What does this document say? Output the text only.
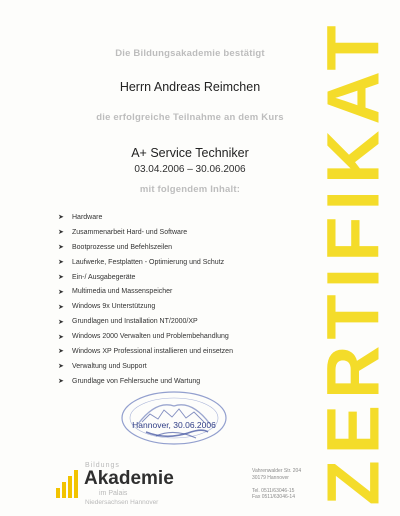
Die Bildungsakademie bestätigt
Herrn Andreas Reimchen
die erfolgreiche Teilnahme an dem Kurs
A+ Service Techniker
03.04.2006 – 30.06.2006
mit folgendem Inhalt:
➤	Hardware
➤	Zusammenarbeit Hard- und Software
➤	Bootprozesse und Befehlszeilen
➤	Laufwerke, Festplatten - Optimierung und Schutz
➤	Ein-/ Ausgabegeräte
➤	Multimedia und Massenspeicher
➤	Windows 9x Unterstützung
➤	Grundlagen und Installation NT/2000/XP
➤	Windows 2000 Verwalten und Problembehandlung
➤	Windows XP Professional installieren und einsetzen
➤	Verwaltung und Support
➤	Grundlage von Fehlersuche und Wartung ZERTIFIKAT
Hannover, 30.06.2006
Bildungs
Akademie
im Palais
Niedersachsen Hannover
Vahrenwalder Str. 204
30179 Hannover

Tel. 0511/63046-15
Fax 0511/63046-14
